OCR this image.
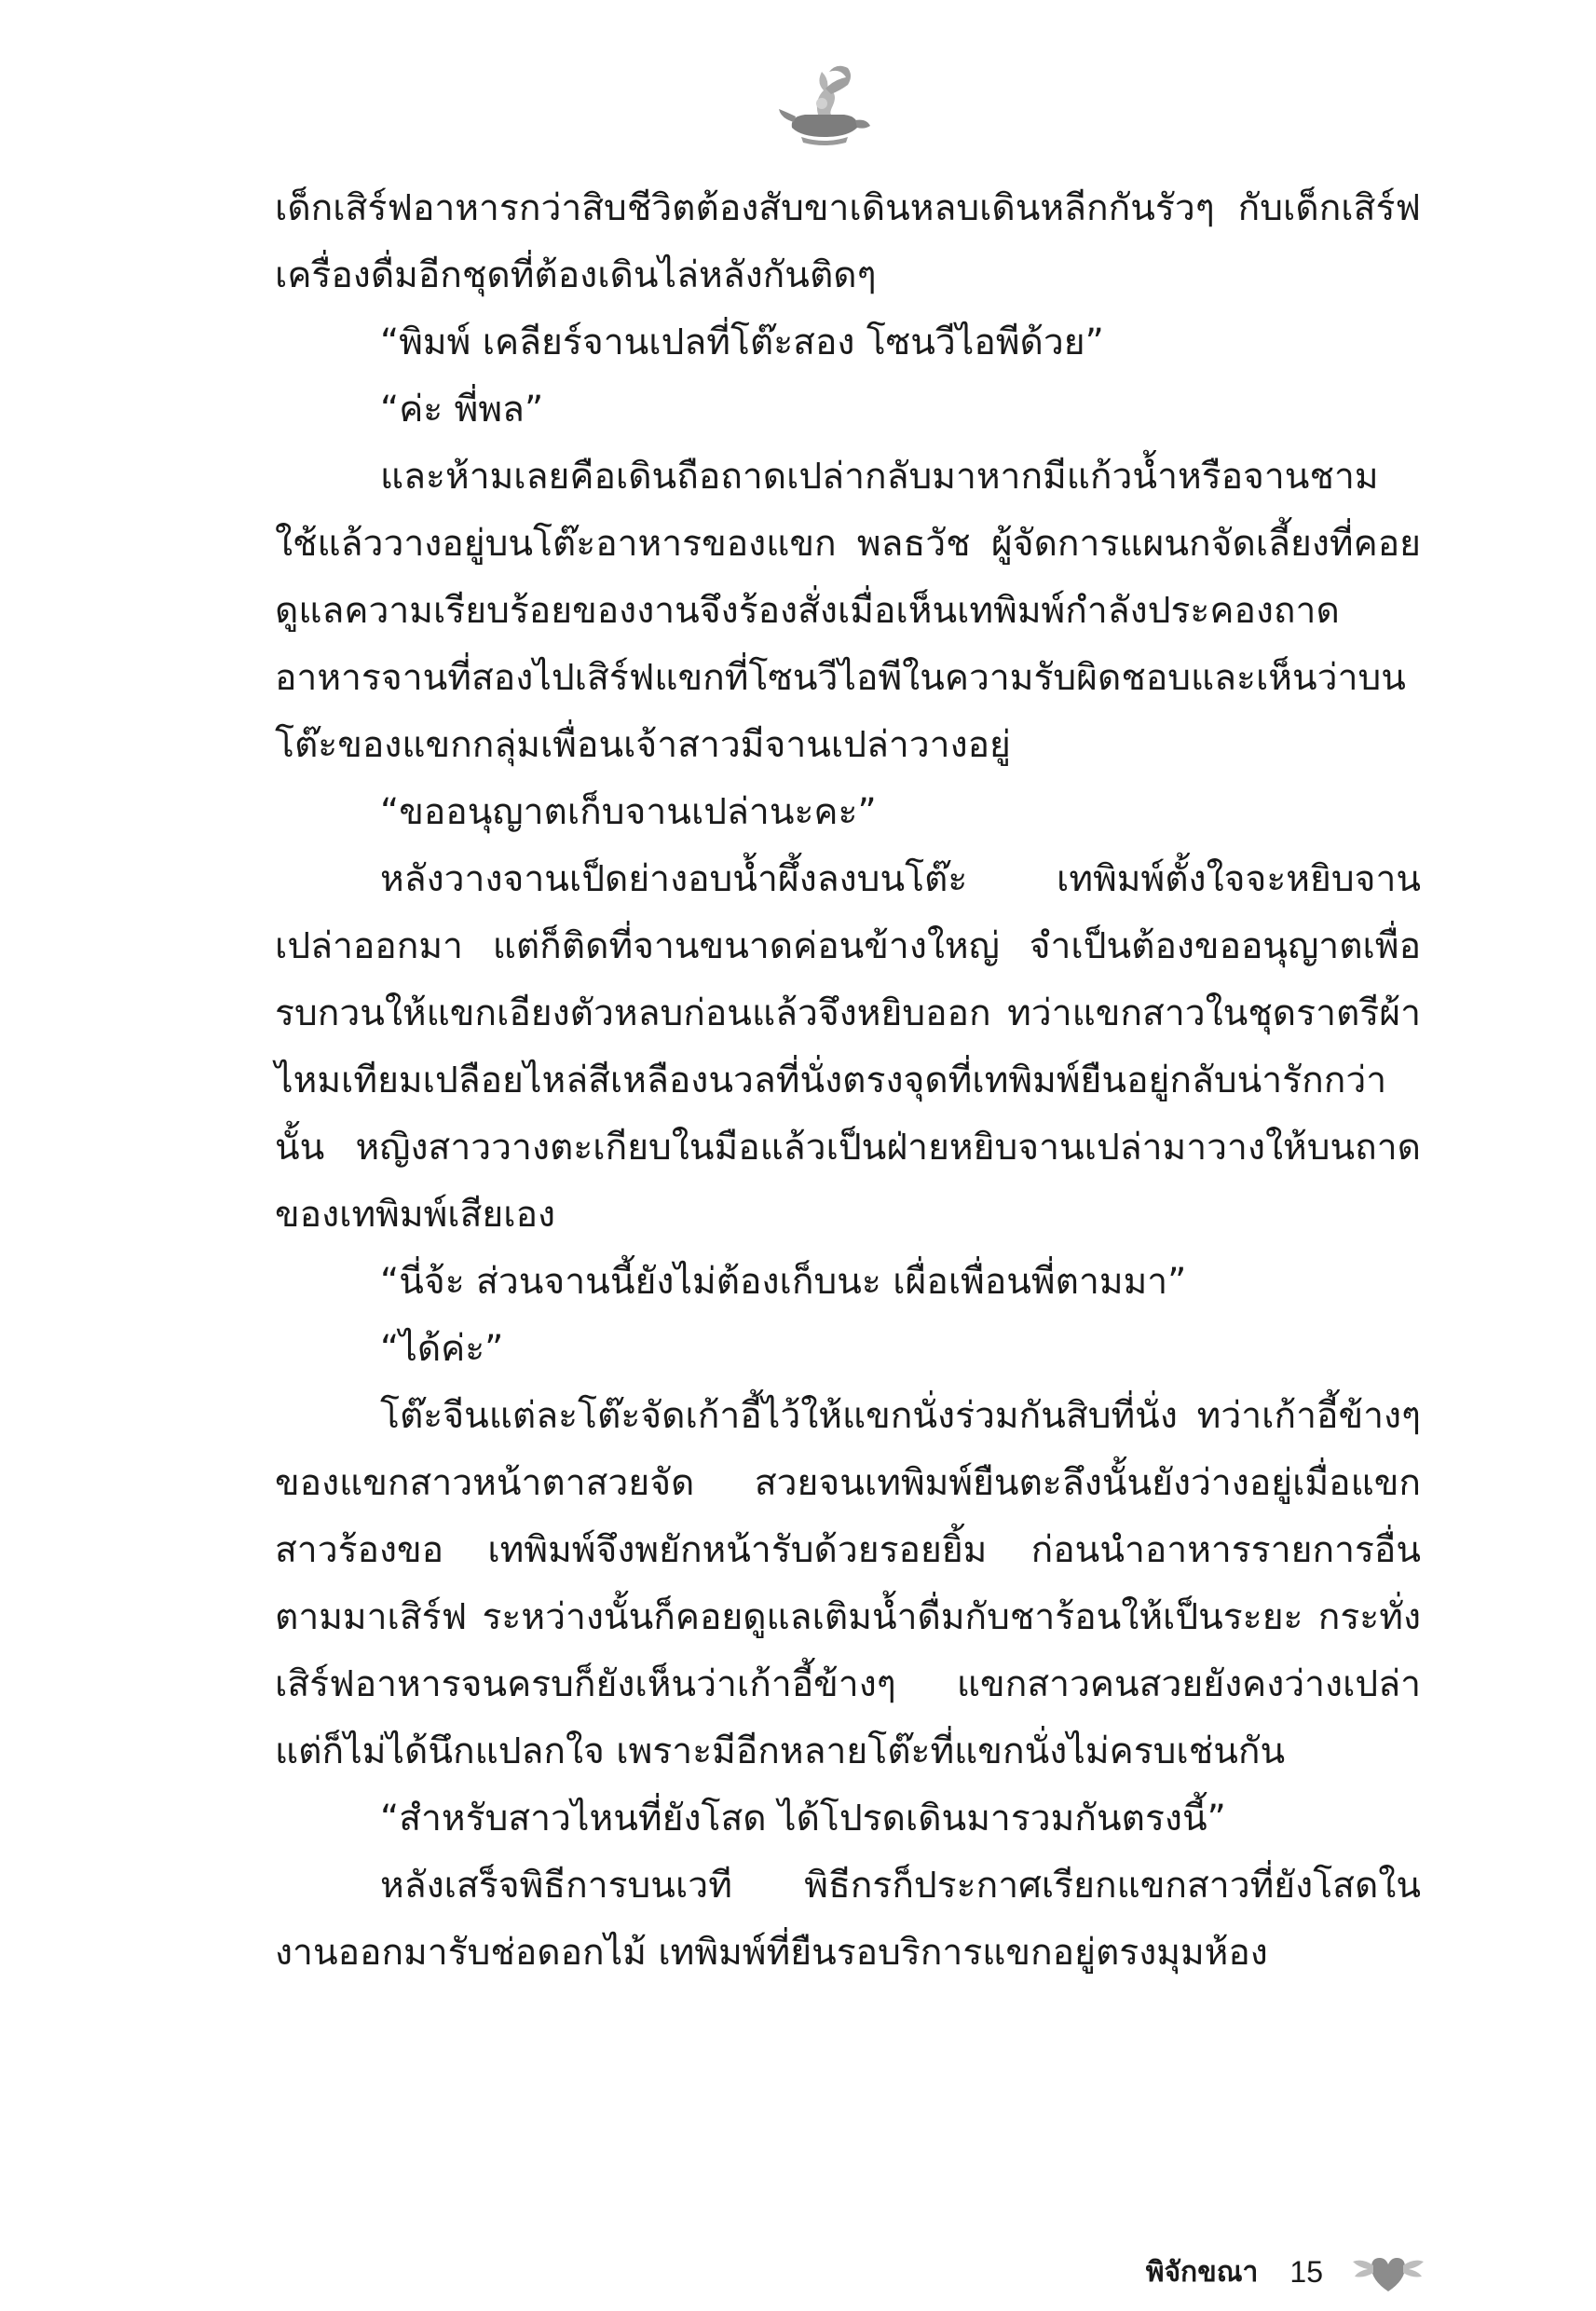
เด็กเสิร์ฟอาหารกว่าสิบชีวิตต้องสับขาเดินหลบเดินหลีกกันรัวๆ กับเด็กเสิร์ฟเครื่องดื่มอีกชุดที่ต้องเดินไล่หลังกันติดๆ

“พิมพ์ เคลียร์จานเปลที่โต๊ะสอง โซนวีไอพีด้วย”

“ค่ะ พี่พล”

และห้ามเลยคือเดินถือถาดเปล่ากลับมาหากมีแก้วน้ำหรือจานชาม ใช้แล้ววางอยู่บนโต๊ะอาหารของแขก พลธวัช ผู้จัดการแผนกจัดเลี้ยงที่คอยดูแลความเรียบร้อยของงานจึงร้องสั่งเมื่อเห็นเทพิมพ์กำลังประคองถาดอาหารจานที่สองไปเสิร์ฟแขกที่โซนวีไอพีในความรับผิดชอบและเห็นว่าบนโต๊ะของแขกกลุ่มเพื่อนเจ้าสาวมีจานเปล่าวางอยู่

“ขออนุญาตเก็บจานเปล่านะคะ”

หลังวางจานเป็ดย่างอบน้ำผึ้งลงบนโต๊ะ เทพิมพ์ตั้งใจจะหยิบจานเปล่าออกมา แต่ก็ติดที่จานขนาดค่อนข้างใหญ่ จำเป็นต้องขออนุญาตเพื่อรบกวนให้แขกเอียงตัวหลบก่อนแล้วจึงหยิบออก ทว่าแขกสาวในชุดราตรีผ้าไหมเทียมเปลือยไหล่สีเหลืองนวลที่นั่งตรงจุดที่เทพิมพ์ยืนอยู่กลับน่ารักกว่านั้น หญิงสาววางตะเกียบในมือแล้วเป็นฝ่ายหยิบจานเปล่ามาวางให้บนถาดของเทพิมพ์เสียเอง

“นี่จ้ะ ส่วนจานนี้ยังไม่ต้องเก็บนะ เผื่อเพื่อนพี่ตามมา”

“ได้ค่ะ”

โต๊ะจีนแต่ละโต๊ะจัดเก้าอี้ไว้ให้แขกนั่งร่วมกันสิบที่นั่ง ทว่าเก้าอี้ข้างๆ ของแขกสาวหน้าตาสวยจัด สวยจนเทพิมพ์ยืนตะลึงนั้นยังว่างอยู่เมื่อแขกสาวร้องขอ เทพิมพ์จึงพยักหน้ารับด้วยรอยยิ้ม ก่อนนำอาหารรายการอื่นตามมาเสิร์ฟ ระหว่างนั้นก็คอยดูแลเติมน้ำดื่มกับชาร้อนให้เป็นระยะ กระทั่งเสิร์ฟอาหารจนครบก็ยังเห็นว่าเก้าอี้ข้างๆ แขกสาวคนสวยยังคงว่างเปล่า แต่ก็ไม่ได้นึกแปลกใจ เพราะมีอีกหลายโต๊ะที่แขกนั่งไม่ครบเช่นกัน

“สำหรับสาวไหนที่ยังโสด ได้โปรดเดินมารวมกันตรงนี้”

หลังเสร็จพิธีการบนเวที พิธีกรก็ประกาศเรียกแขกสาวที่ยังโสดในงานออกมารับช่อดอกไม้ เทพิมพ์ที่ยืนรอบริการแขกอยู่ตรงมุมห้อง

พิจักขณา 15
